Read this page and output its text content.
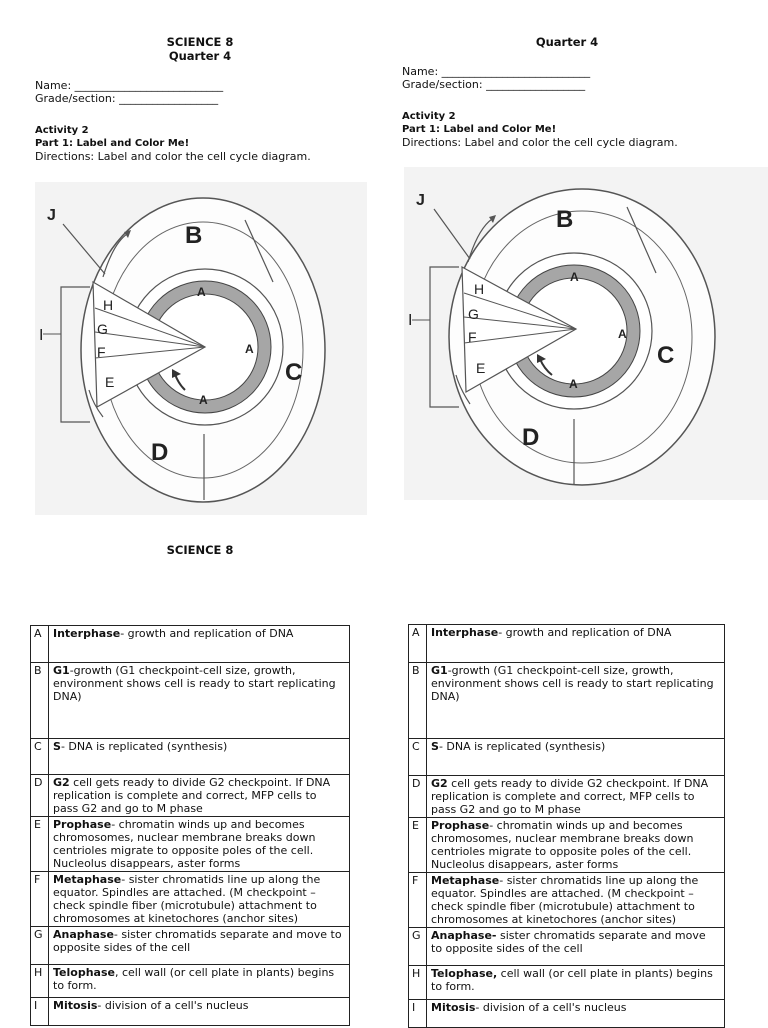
SCIENCE 8
Quarter 4
Name: ___________________________
Grade/section: __________________
Activity 2
Part 1: Label and Color Me!
Directions: Label and color the cell cycle diagram.
Quarter 4
Name: ___________________________
Grade/section: __________________
Activity 2
Part 1: Label and Color Me!
Directions: Label and color the cell cycle diagram.
A
A
A
B
C
D
E
F
G
H
I
J
A
A
A
B
C
D
E
F
G
H
I
J
SCIENCE 8
A	Interphase- growth and replication of DNA
B	G1-growth (G1 checkpoint-cell size, growth, environment shows cell is ready to start replicating DNA)
C	S- DNA is replicated (synthesis)
D	G2 cell gets ready to divide G2 checkpoint. If DNA replication is complete and correct, MFP cells to pass G2 and go to M phase
E	Prophase- chromatin winds up and becomes chromosomes, nuclear membrane breaks down centrioles migrate to opposite poles of the cell. Nucleolus disappears, aster forms
F	Metaphase- sister chromatids line up along the equator. Spindles are attached. (M checkpoint – check spindle fiber (microtubule) attachment to chromosomes at kinetochores (anchor sites)
G	Anaphase- sister chromatids separate and move to opposite sides of the cell
H	Telophase, cell wall (or cell plate in plants) begins to form.
I	Mitosis- division of a cell's nucleus
A	Interphase- growth and replication of DNA
B	G1-growth (G1 checkpoint-cell size, growth, environment shows cell is ready to start replicating DNA)
C	S- DNA is replicated (synthesis)
D	G2 cell gets ready to divide G2 checkpoint. If DNA replication is complete and correct, MFP cells to pass G2 and go to M phase
E	Prophase- chromatin winds up and becomes chromosomes, nuclear membrane breaks down centrioles migrate to opposite poles of the cell. Nucleolus disappears, aster forms
F	Metaphase- sister chromatids line up along the equator. Spindles are attached. (M checkpoint – check spindle fiber (microtubule) attachment to chromosomes at kinetochores (anchor sites)
G	Anaphase- sister chromatids separate and move to opposite sides of the cell
H	Telophase, cell wall (or cell plate in plants) begins to form.
I	Mitosis- division of a cell's nucleus
